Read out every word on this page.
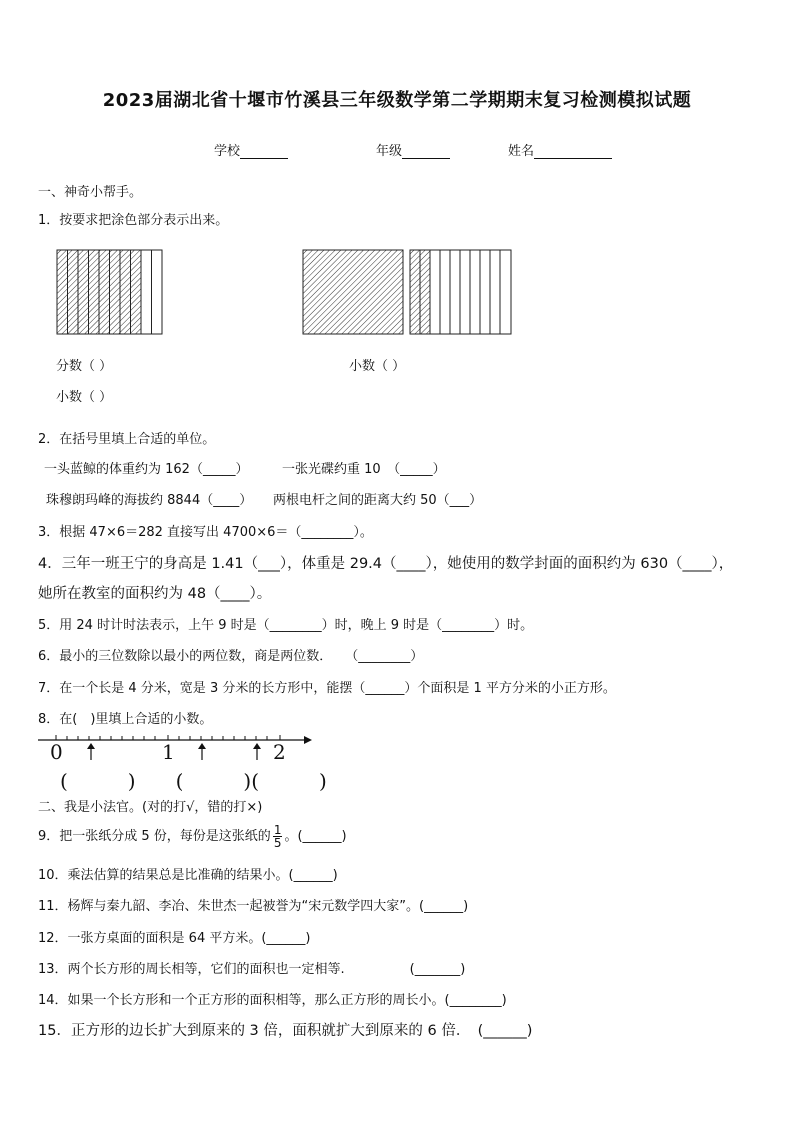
2023届湖北省十堰市竹溪县三年级数学第二学期期末复习检测模拟试题
学校	年级	姓名
一、神奇小帮手。
1．按要求把涂色部分表示出来。
分数（ ）	小数（ ）
小数（ ）
2．在括号里填上合适的单位。
一头蓝鲸的体重约为 162（_____）	一张光碟约重 10　（_____）
珠穆朗玛峰的海拔约 8844（____） 两根电杆之间的距离大约 50（___）
3．根据 47×6＝282 直接写出 4700×6＝（________）。
4．三年一班王宁的身高是 1.41（___），体重是 29.4（____），她使用的数学封面的面积约为 630（____），
她所在教室的面积约为 48（____）。
5．用 24 时计时法表示，上午 9 时是（________）时，晚上 9 时是（________）时。
6．最小的三位数除以最小的两位数，商是两位数．　　（________）
7．在一个长是 4 分米，宽是 3 分米的长方形中，能摆（______）个面积是 1 平方分米的小正方形。
8．在(　)里填上合适的小数。
0	1	2
(　　　)　　(　　　)(　　　)
二、我是小法官。(对的打√，错的打×)
9．把一张纸分成 5 份，每份是这张纸的 $\frac{1}{5}$ 。(______)
10．乘法估算的结果总是比准确的结果小。(______)
11．杨辉与秦九韶、李冶、朱世杰一起被誉为“宋元数学四大家”。(______)
12．一张方桌面的面积是 64 平方米。(______)
13．两个长方形的周长相等，它们的面积也一定相等.　　　　　(_______)
14．如果一个长方形和一个正方形的面积相等，那么正方形的周长小。(________)
15．正方形的边长扩大到原来的 3 倍，面积就扩大到原来的 6 倍．　(______)
